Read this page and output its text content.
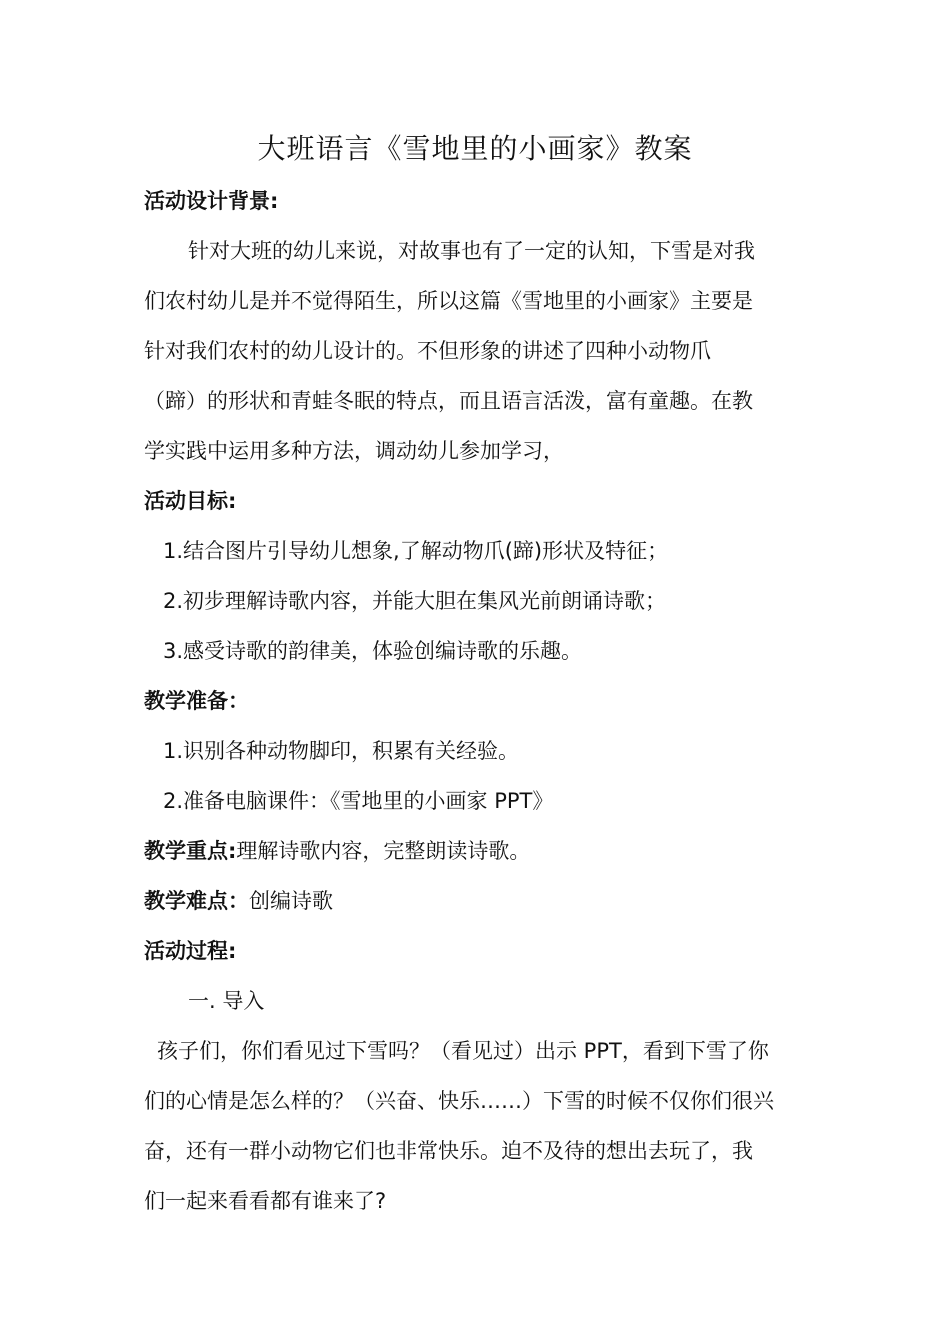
大班语言《雪地里的小画家》教案
活动设计背景:
针对大班的幼儿来说，对故事也有了一定的认知，下雪是对我
们农村幼儿是并不觉得陌生，所以这篇《雪地里的小画家》主要是
针对我们农村的幼儿设计的。不但形象的讲述了四种小动物爪
（蹄）的形状和青蛙冬眠的特点，而且语言活泼，富有童趣。在教
学实践中运用多种方法，调动幼儿参加学习，
活动目标:
1.结合图片引导幼儿想象,了解动物爪(蹄)形状及特征；
2.初步理解诗歌内容，并能大胆在集风光前朗诵诗歌；
3.感受诗歌的韵律美，体验创编诗歌的乐趣。
教学准备：
1.识别各种动物脚印，积累有关经验。
2.准备电脑课件：《雪地里的小画家 PPT》
教学重点:理解诗歌内容，完整朗读诗歌。
教学难点：创编诗歌
活动过程:
一. 导入
孩子们，你们看见过下雪吗？（看见过）出示 PPT，看到下雪了你
们的心情是怎么样的？（兴奋、快乐……）下雪的时候不仅你们很兴
奋，还有一群小动物它们也非常快乐。迫不及待的想出去玩了，我
们一起来看看都有谁来了?
